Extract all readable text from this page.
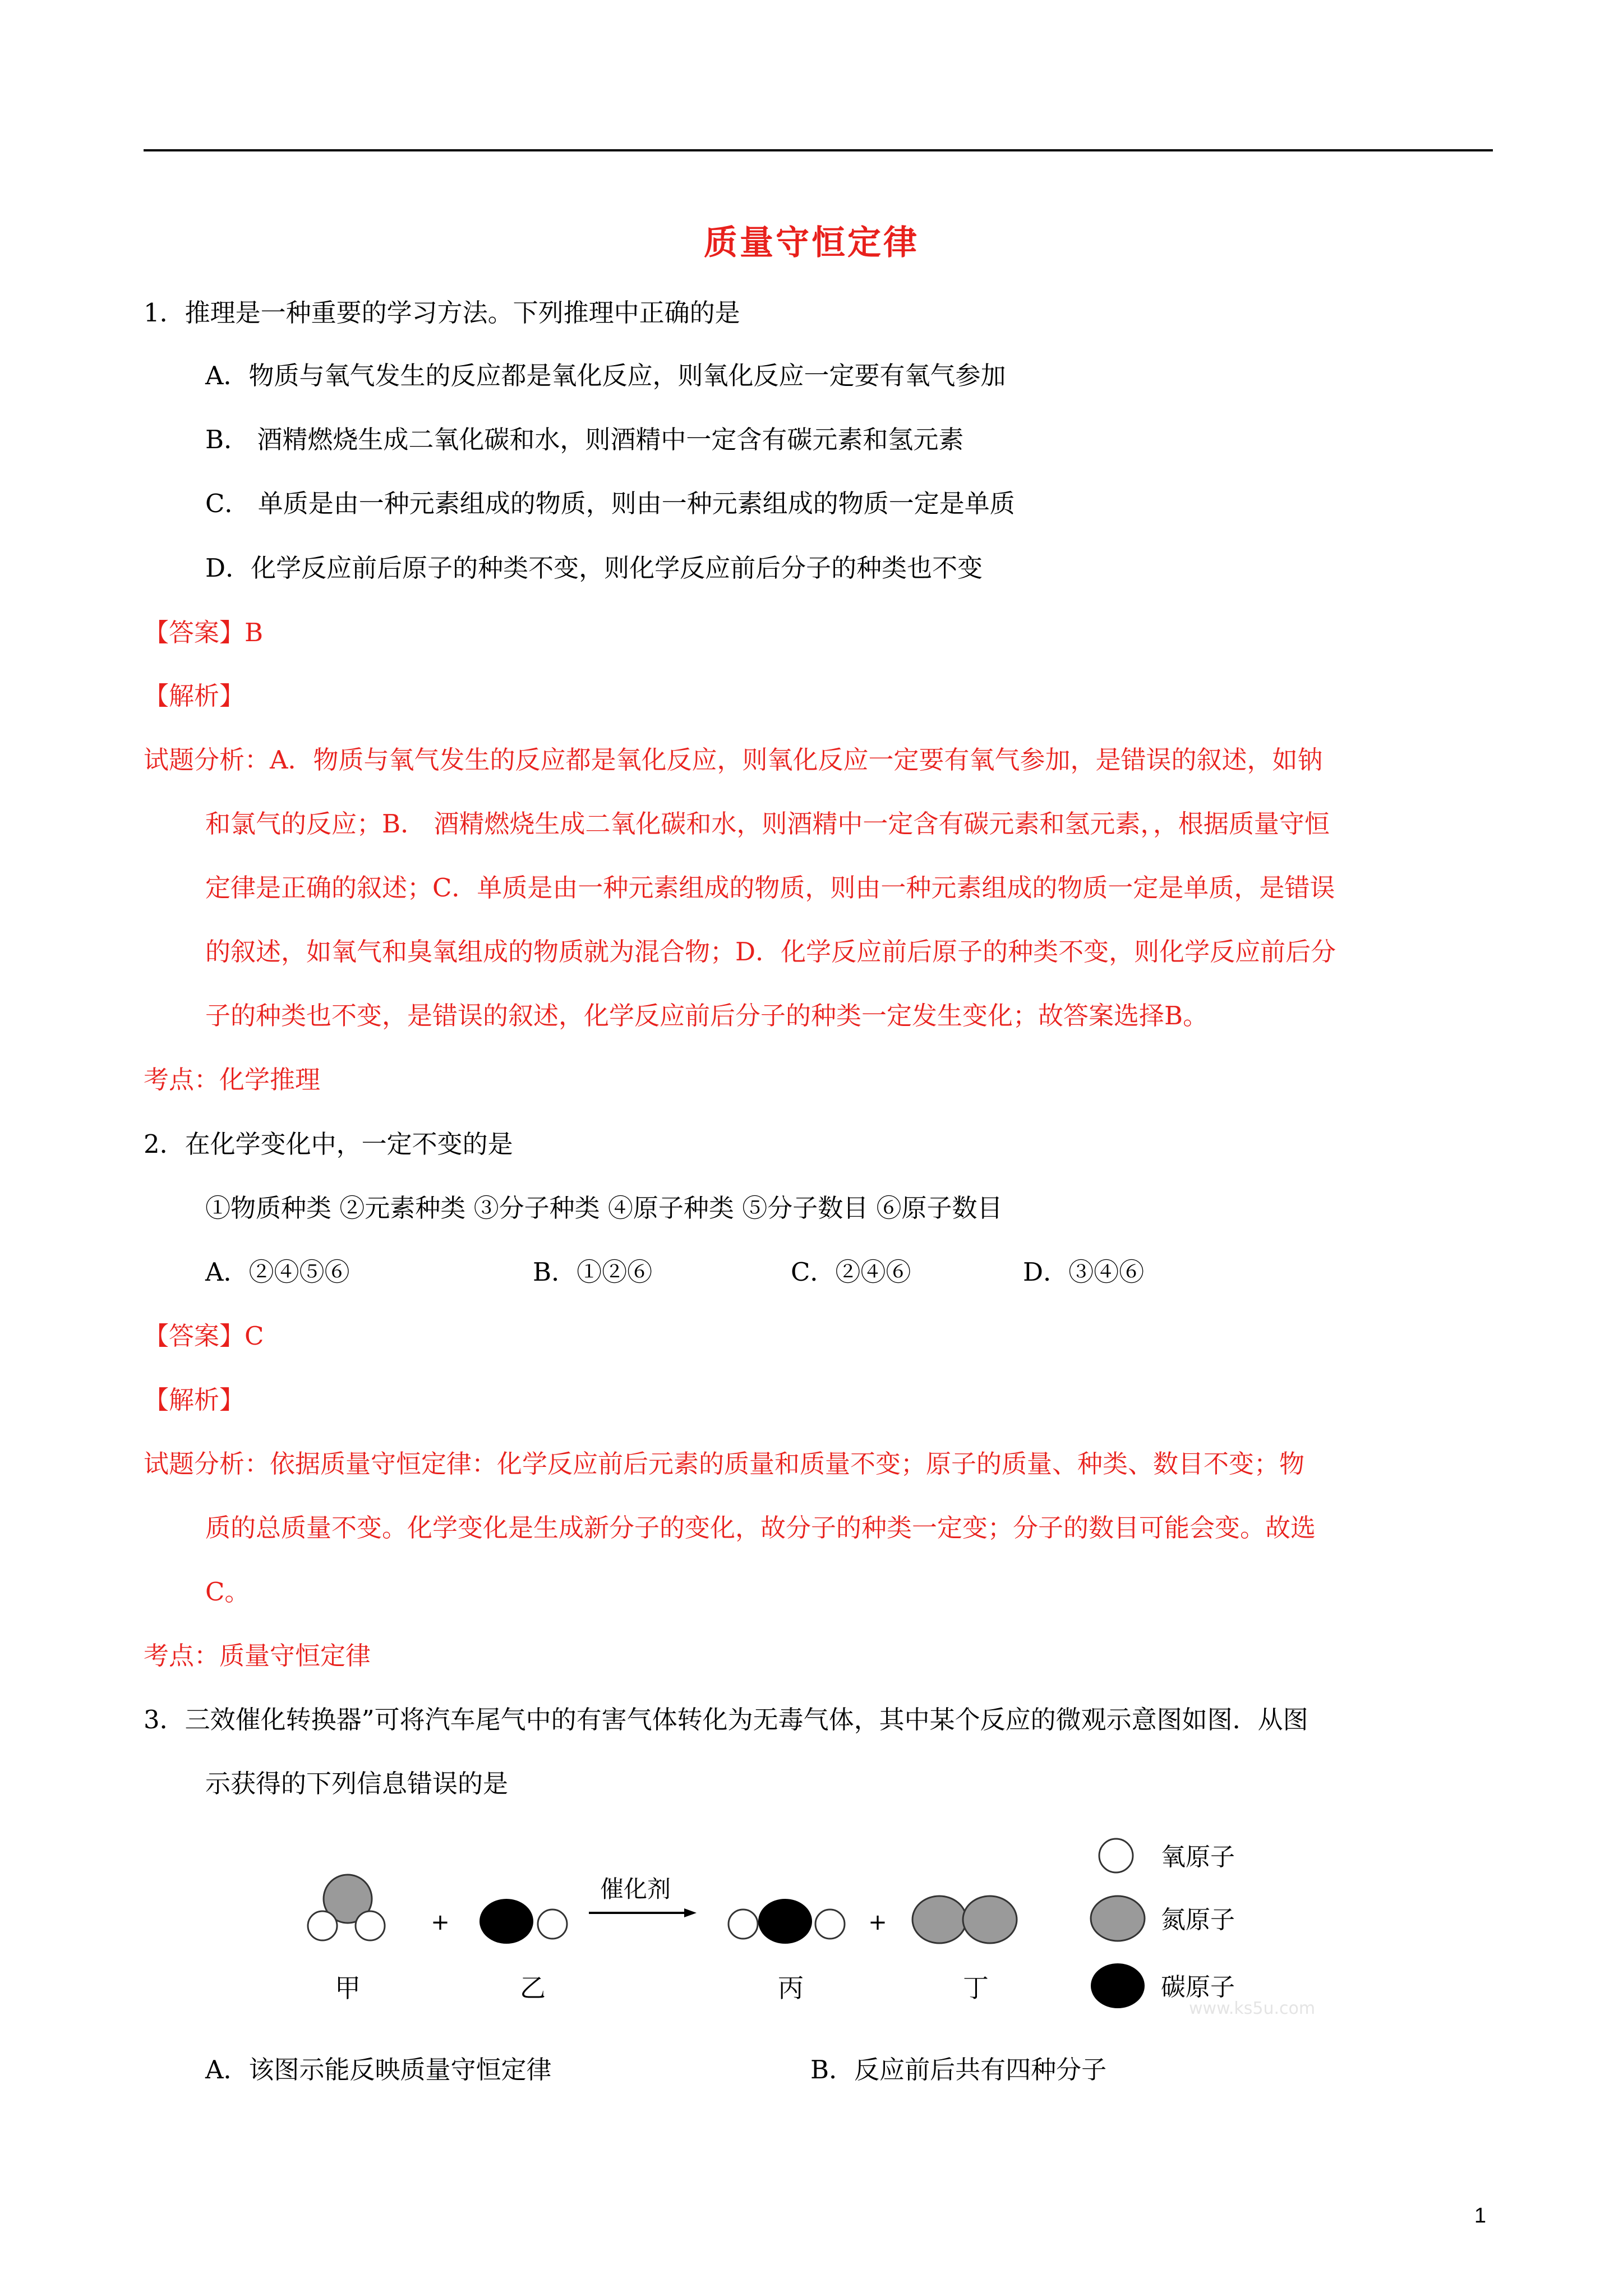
质量守恒定律
1．推理是一种重要的学习方法。下列推理中正确的是
A．物质与氧气发生的反应都是氧化反应，则氧化反应一定要有氧气参加
B． 酒精燃烧生成二氧化碳和水，则酒精中一定含有碳元素和氢元素
C． 单质是由一种元素组成的物质，则由一种元素组成的物质一定是单质
D．化学反应前后原子的种类不变，则化学反应前后分子的种类也不变
【答案】B
【解析】
试题分析：A．物质与氧气发生的反应都是氧化反应，则氧化反应一定要有氧气参加，是错误的叙述，如钠
和氯气的反应；B． 酒精燃烧生成二氧化碳和水，则酒精中一定含有碳元素和氢元素，，根据质量守恒
定律是正确的叙述；C．单质是由一种元素组成的物质，则由一种元素组成的物质一定是单质，是错误
的叙述，如氧气和臭氧组成的物质就为混合物；D．化学反应前后原子的种类不变，则化学反应前后分
子的种类也不变，是错误的叙述，化学反应前后分子的种类一定发生变化；故答案选择B。
考点：化学推理
2．在化学变化中，一定不变的是
①物质种类 ②元素种类 ③分子种类 ④原子种类 ⑤分子数目 ⑥原子数目
A．②④⑤⑥	B．①②⑥	C．②④⑥	D．③④⑥
【答案】C
【解析】
试题分析：依据质量守恒定律：化学反应前后元素的质量和质量不变；原子的质量、种类、数目不变；物
质的总质量不变。化学变化是生成新分子的变化，故分子的种类一定变；分子的数目可能会变。故选
C。
考点：质量守恒定律
3．三效催化转换器”可将汽车尾气中的有害气体转化为无毒气体，其中某个反应的微观示意图如图．从图
示获得的下列信息错误的是
+
催化剂
+
甲	乙	丙	丁
氧原子
氮原子
碳原子
www.ks5u.com
A．该图示能反映质量守恒定律	B．反应前后共有四种分子
1
